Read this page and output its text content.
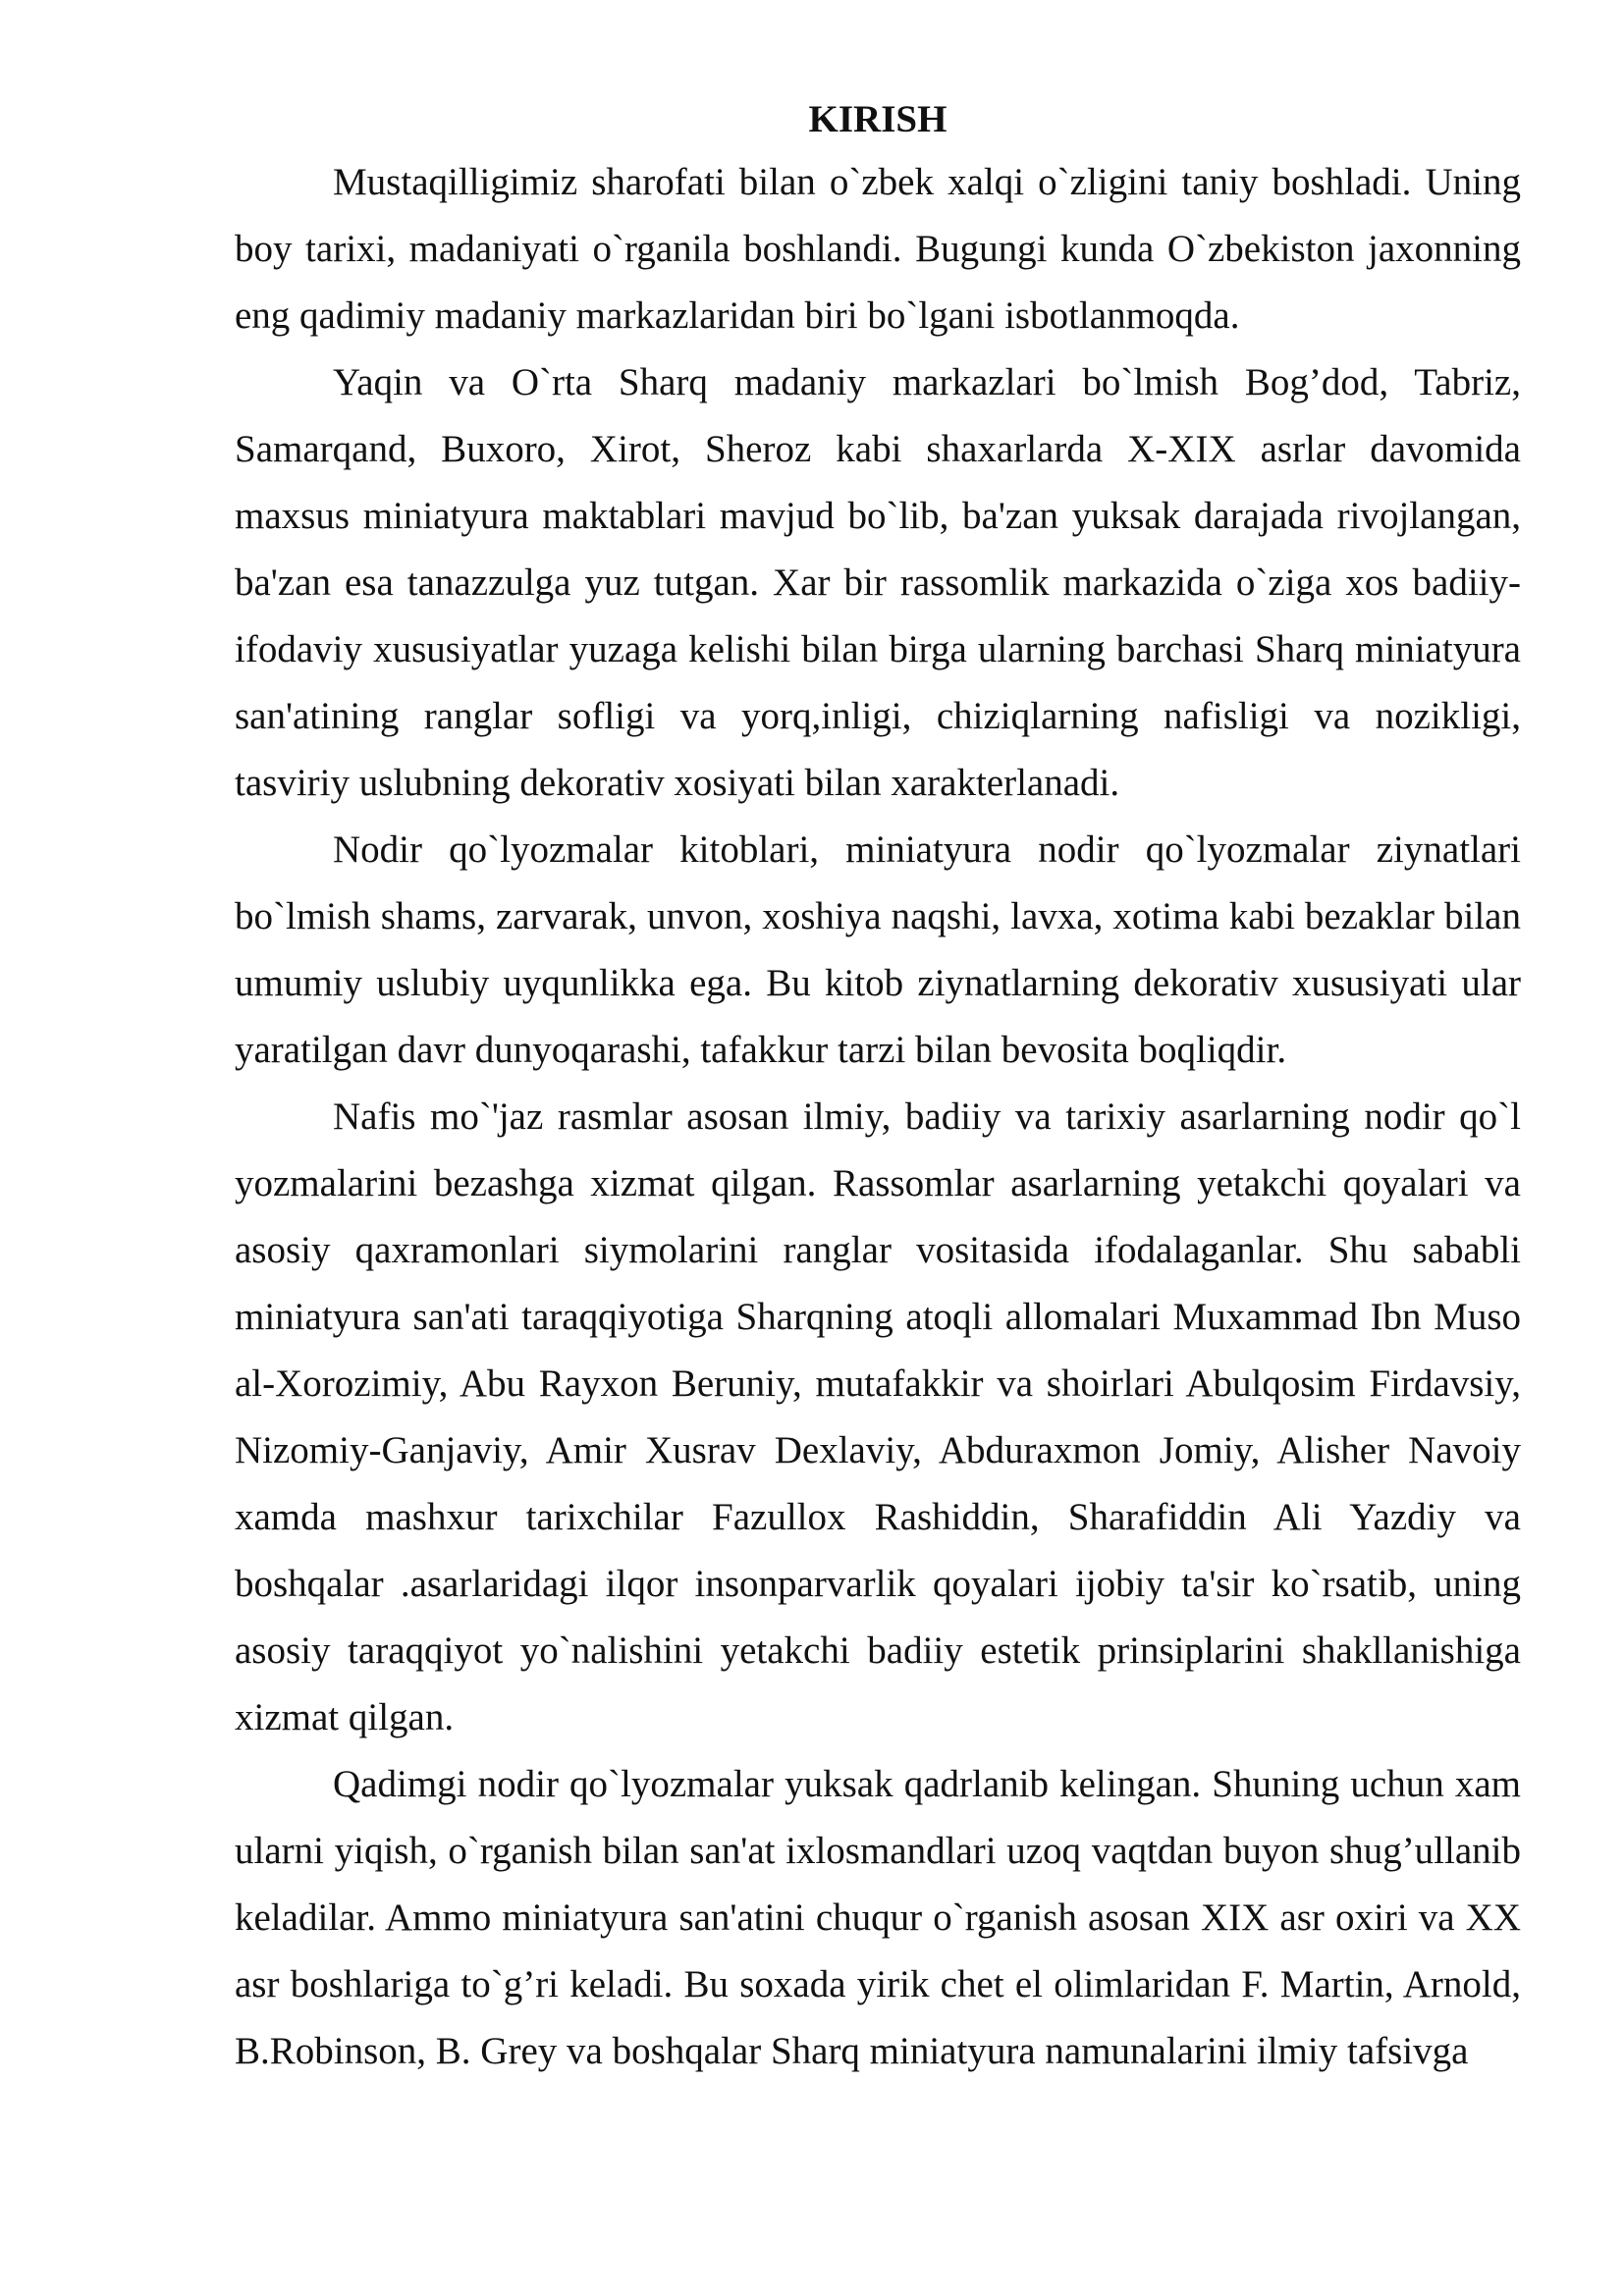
KIRISH

Mustaqilligimiz sharofati bilan o`zbek xalqi o`zligini taniy boshladi. Uning boy tarixi, madaniyati o`rganila boshlandi. Bugungi kunda O`zbekiston jaxonning eng qadimiy madaniy markazlaridan biri bo`lgani isbotlanmoqda.

Yaqin va O`rta Sharq madaniy markazlari bo`lmish Bog’dod, Tabriz, Samarqand, Buxoro, Xirot, Sheroz kabi shaxarlarda X-XIX asrlar davomida maxsus miniatyura maktablari mavjud bo`lib, ba'zan yuksak darajada rivojlangan, ba'zan esa tanazzulga yuz tutgan. Xar bir rassomlik markazida o`ziga xos badiiy-ifodaviy xususiyatlar yuzaga kelishi bilan birga ularning barchasi Sharq miniatyura san'atining ranglar sofligi va yorq,inligi, chiziqlarning nafisligi va nozikligi, tasviriy uslubning dekorativ xosiyati bilan xarakterlanadi.

Nodir qo`lyozmalar kitoblari, miniatyura nodir qo`lyozmalar ziynatlari bo`lmish shams, zarvarak, unvon, xoshiya naqshi, lavxa, xotima kabi bezaklar bilan umumiy uslubiy uyqunlikka ega. Bu kitob ziynatlarning dekorativ xususiyati ular yaratilgan davr dunyoqarashi, tafakkur tarzi bilan bevosita boqliqdir.

Nafis mo`'jaz rasmlar asosan ilmiy, badiiy va tarixiy asarlarning nodir qo`l yozmalarini bezashga xizmat qilgan. Rassomlar asarlarning yetakchi qoyalari va asosiy qaxramonlari siymolarini ranglar vositasida ifodalaganlar. Shu sababli miniatyura san'ati taraqqiyotiga Sharqning atoqli allomalari Muxammad Ibn Muso al-Xorozimiy, Abu Rayxon Beruniy, mutafakkir va shoirlari Abulqosim Firdavsiy, Nizomiy-Ganjaviy, Amir Xusrav Dexlaviy, Abduraxmon Jomiy, Alisher Navoiy xamda mashxur tarixchilar Fazullox Rashiddin, Sharafiddin Ali Yazdiy va boshqalar .asarlaridagi ilqor insonparvarlik qoyalari ijobiy ta'sir ko`rsatib, uning asosiy taraqqiyot yo`nalishini yetakchi badiiy estetik prinsiplarini shakllanishiga xizmat qilgan.

Qadimgi nodir qo`lyozmalar yuksak qadrlanib kelingan. Shuning uchun xam ularni yiqish, o`rganish bilan san'at ixlosmandlari uzoq vaqtdan buyon shug’ullanib keladilar. Ammo miniatyura san'atini chuqur o`rganish asosan XIX asr oxiri va XX asr boshlariga to`g’ri keladi. Bu soxada yirik chet el olimlaridan F. Martin, Arnold, B.Robinson, B. Grey va boshqalar Sharq miniatyura namunalarini ilmiy tafsivga
